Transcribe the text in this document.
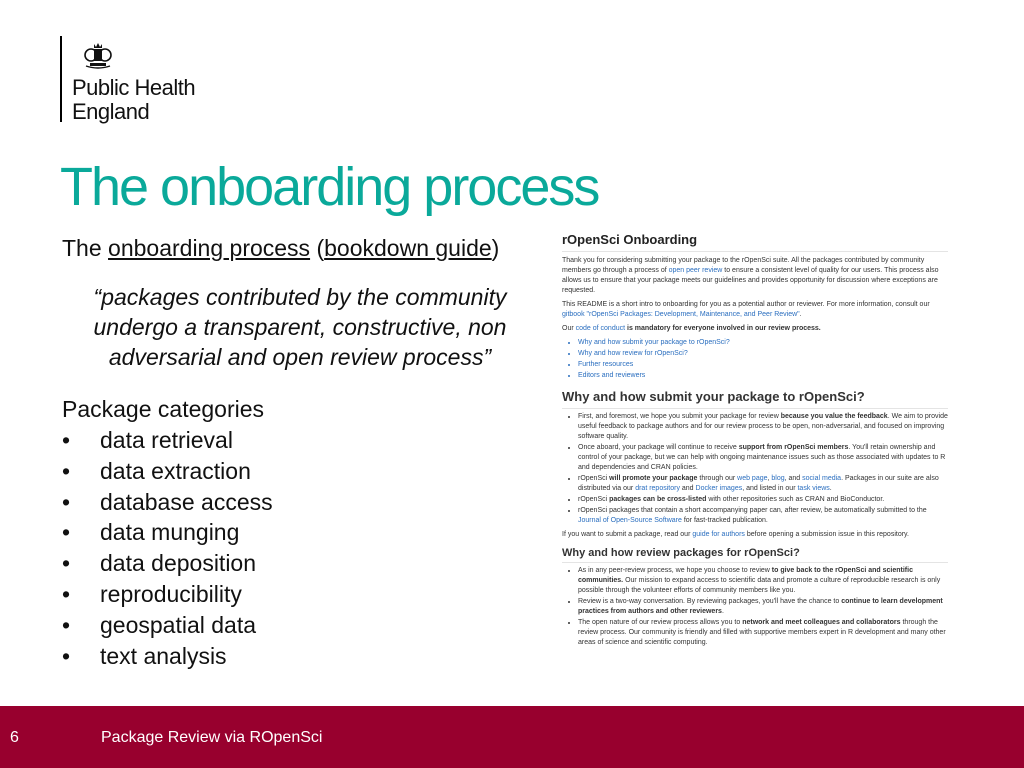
Public Health
England
The onboarding process
The onboarding process (bookdown guide)
“packages contributed by the community undergo a transparent, constructive, non adversarial and open review process”
Package categories
• data retrieval
• data extraction
• database access
• data munging
• data deposition
• reproducibility
• geospatial data
• text analysis
rOpenSci Onboarding

Thank you for considering submitting your package to the rOpenSci suite. All the packages contributed by community members go through a process of open peer review to ensure a consistent level of quality for our users. This process also allows us to ensure that your package meets our guidelines and provides opportunity for discussion where exceptions are requested.

This README is a short intro to onboarding for you as a potential author or reviewer. For more information, consult our gitbook "rOpenSci Packages: Development, Maintenance, and Peer Review".

Our code of conduct is mandatory for everyone involved in our review process.

• Why and how submit your package to rOpenSci?
• Why and how review for rOpenSci?
• Further resources
• Editors and reviewers
Why and how submit your package to rOpenSci?
• First, and foremost, we hope you submit your package for review because you value the feedback. We aim to provide useful feedback to package authors and for our review process to be open, non-adversarial, and focused on improving software quality.
• Once aboard, your package will continue to receive support from rOpenSci members. You'll retain ownership and control of your package, but we can help with ongoing maintenance issues such as those associated with updates to R and dependencies and CRAN policies.
• rOpenSci will promote your package through our web page, blog, and social media. Packages in our suite are also distributed via our drat repository and Docker images, and listed in our task views.
• rOpenSci packages can be cross-listed with other repositories such as CRAN and BioConductor.
• rOpenSci packages that contain a short accompanying paper can, after review, be automatically submitted to the Journal of Open-Source Software for fast-tracked publication.

If you want to submit a package, read our guide for authors before opening a submission issue in this repository.

Why and how review packages for rOpenSci?
• As in any peer-review process, we hope you choose to review to give back to the rOpenSci and scientific communities. Our mission to expand access to scientific data and promote a culture of reproducible research is only possible through the volunteer efforts of community members like you.
• Review is a two-way conversation. By reviewing packages, you'll have the chance to continue to learn development practices from authors and other reviewers.
• The open nature of our review process allows you to network and meet colleagues and collaborators through the review process. Our community is friendly and filled with supportive members expert in R development and many other areas of science and scientific computing.
6	Package Review via ROpenSci
